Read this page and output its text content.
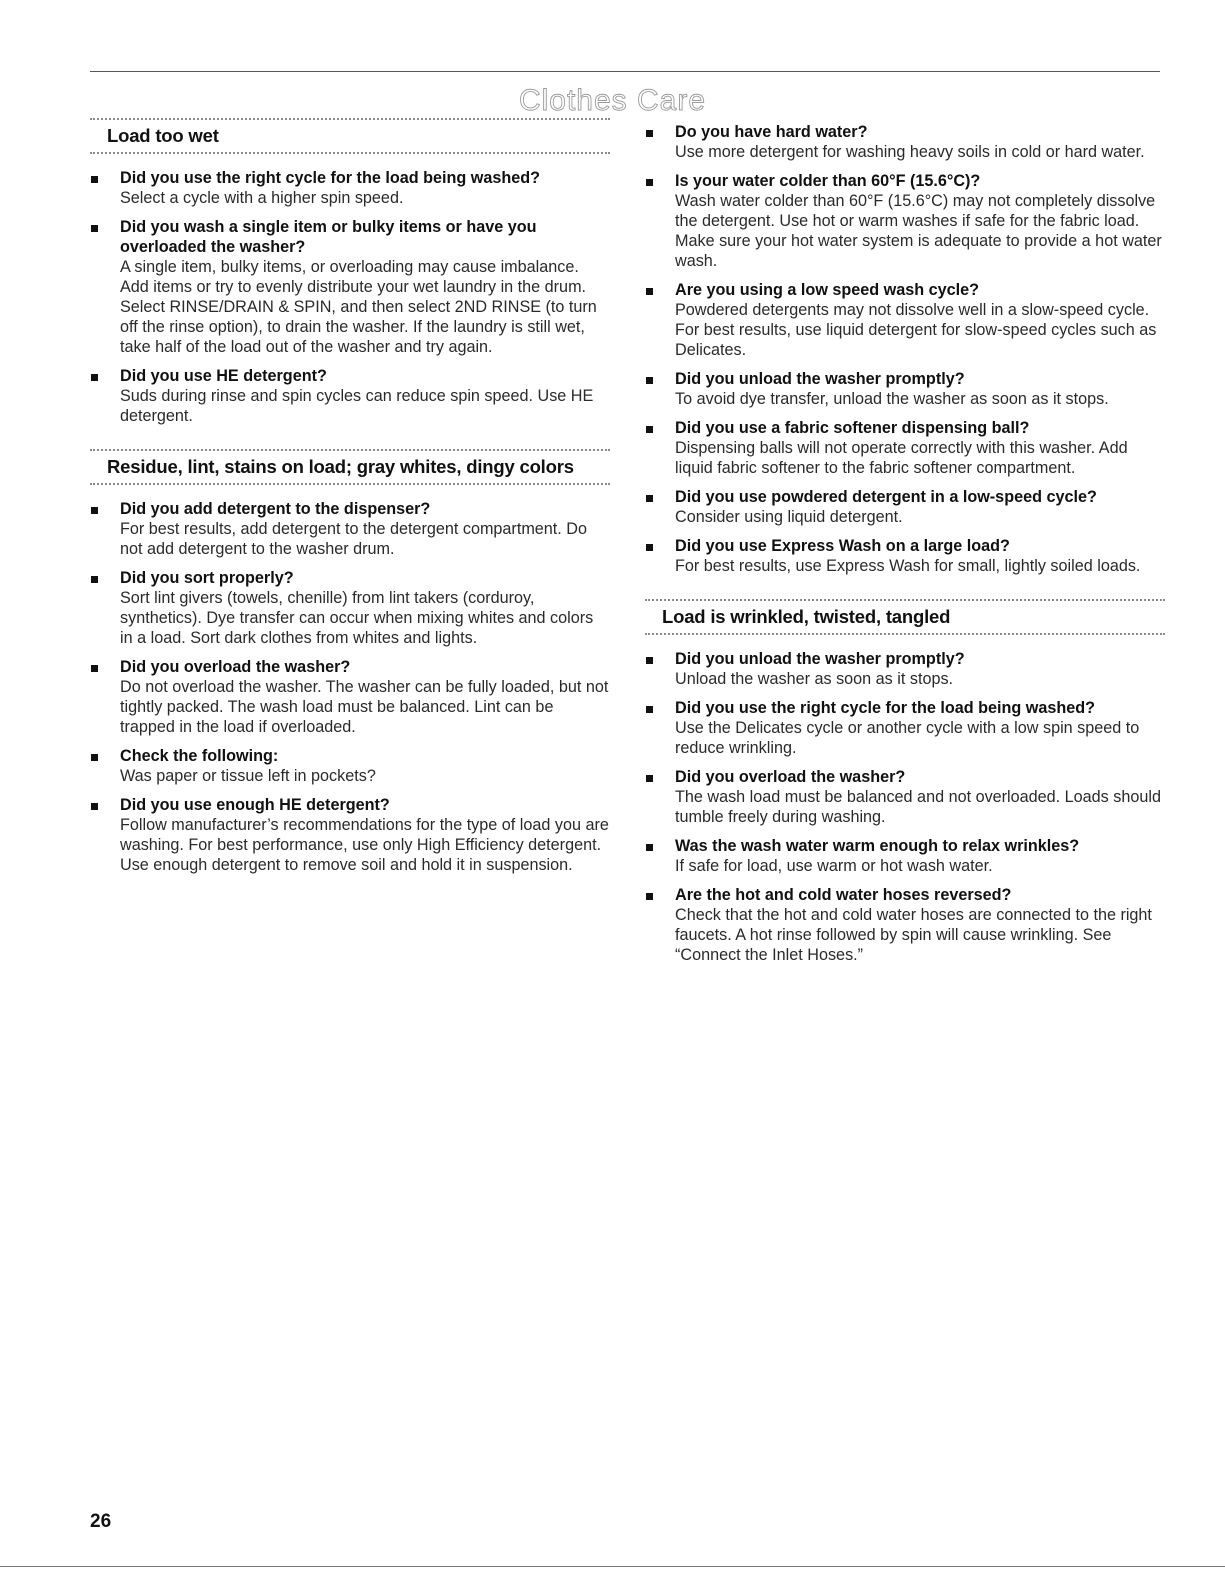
Clothes Care
Load too wet
Did you use the right cycle for the load being washed?
Select a cycle with a higher spin speed.
Did you wash a single item or bulky items or have you overloaded the washer?
A single item, bulky items, or overloading may cause imbalance. Add items or try to evenly distribute your wet laundry in the drum. Select RINSE/DRAIN & SPIN, and then select 2ND RINSE (to turn off the rinse option), to drain the washer. If the laundry is still wet, take half of the load out of the washer and try again.
Did you use HE detergent?
Suds during rinse and spin cycles can reduce spin speed. Use HE detergent.
Residue, lint, stains on load; gray whites, dingy colors
Did you add detergent to the dispenser?
For best results, add detergent to the detergent compartment. Do not add detergent to the washer drum.
Did you sort properly?
Sort lint givers (towels, chenille) from lint takers (corduroy, synthetics). Dye transfer can occur when mixing whites and colors in a load. Sort dark clothes from whites and lights.
Did you overload the washer?
Do not overload the washer. The washer can be fully loaded, but not tightly packed. The wash load must be balanced. Lint can be trapped in the load if overloaded.
Check the following:
Was paper or tissue left in pockets?
Did you use enough HE detergent?
Follow manufacturer’s recommendations for the type of load you are washing. For best performance, use only High Efficiency detergent. Use enough detergent to remove soil and hold it in suspension.
Do you have hard water?
Use more detergent for washing heavy soils in cold or hard water.
Is your water colder than 60°F (15.6°C)?
Wash water colder than 60°F (15.6°C) may not completely dissolve the detergent. Use hot or warm washes if safe for the fabric load. Make sure your hot water system is adequate to provide a hot water wash.
Are you using a low speed wash cycle?
Powdered detergents may not dissolve well in a slow-speed cycle. For best results, use liquid detergent for slow-speed cycles such as Delicates.
Did you unload the washer promptly?
To avoid dye transfer, unload the washer as soon as it stops.
Did you use a fabric softener dispensing ball?
Dispensing balls will not operate correctly with this washer. Add liquid fabric softener to the fabric softener compartment.
Did you use powdered detergent in a low-speed cycle?
Consider using liquid detergent.
Did you use Express Wash on a large load?
For best results, use Express Wash for small, lightly soiled loads.
Load is wrinkled, twisted, tangled
Did you unload the washer promptly?
Unload the washer as soon as it stops.
Did you use the right cycle for the load being washed?
Use the Delicates cycle or another cycle with a low spin speed to reduce wrinkling.
Did you overload the washer?
The wash load must be balanced and not overloaded. Loads should tumble freely during washing.
Was the wash water warm enough to relax wrinkles?
If safe for load, use warm or hot wash water.
Are the hot and cold water hoses reversed?
Check that the hot and cold water hoses are connected to the right faucets. A hot rinse followed by spin will cause wrinkling. See “Connect the Inlet Hoses.”
26
